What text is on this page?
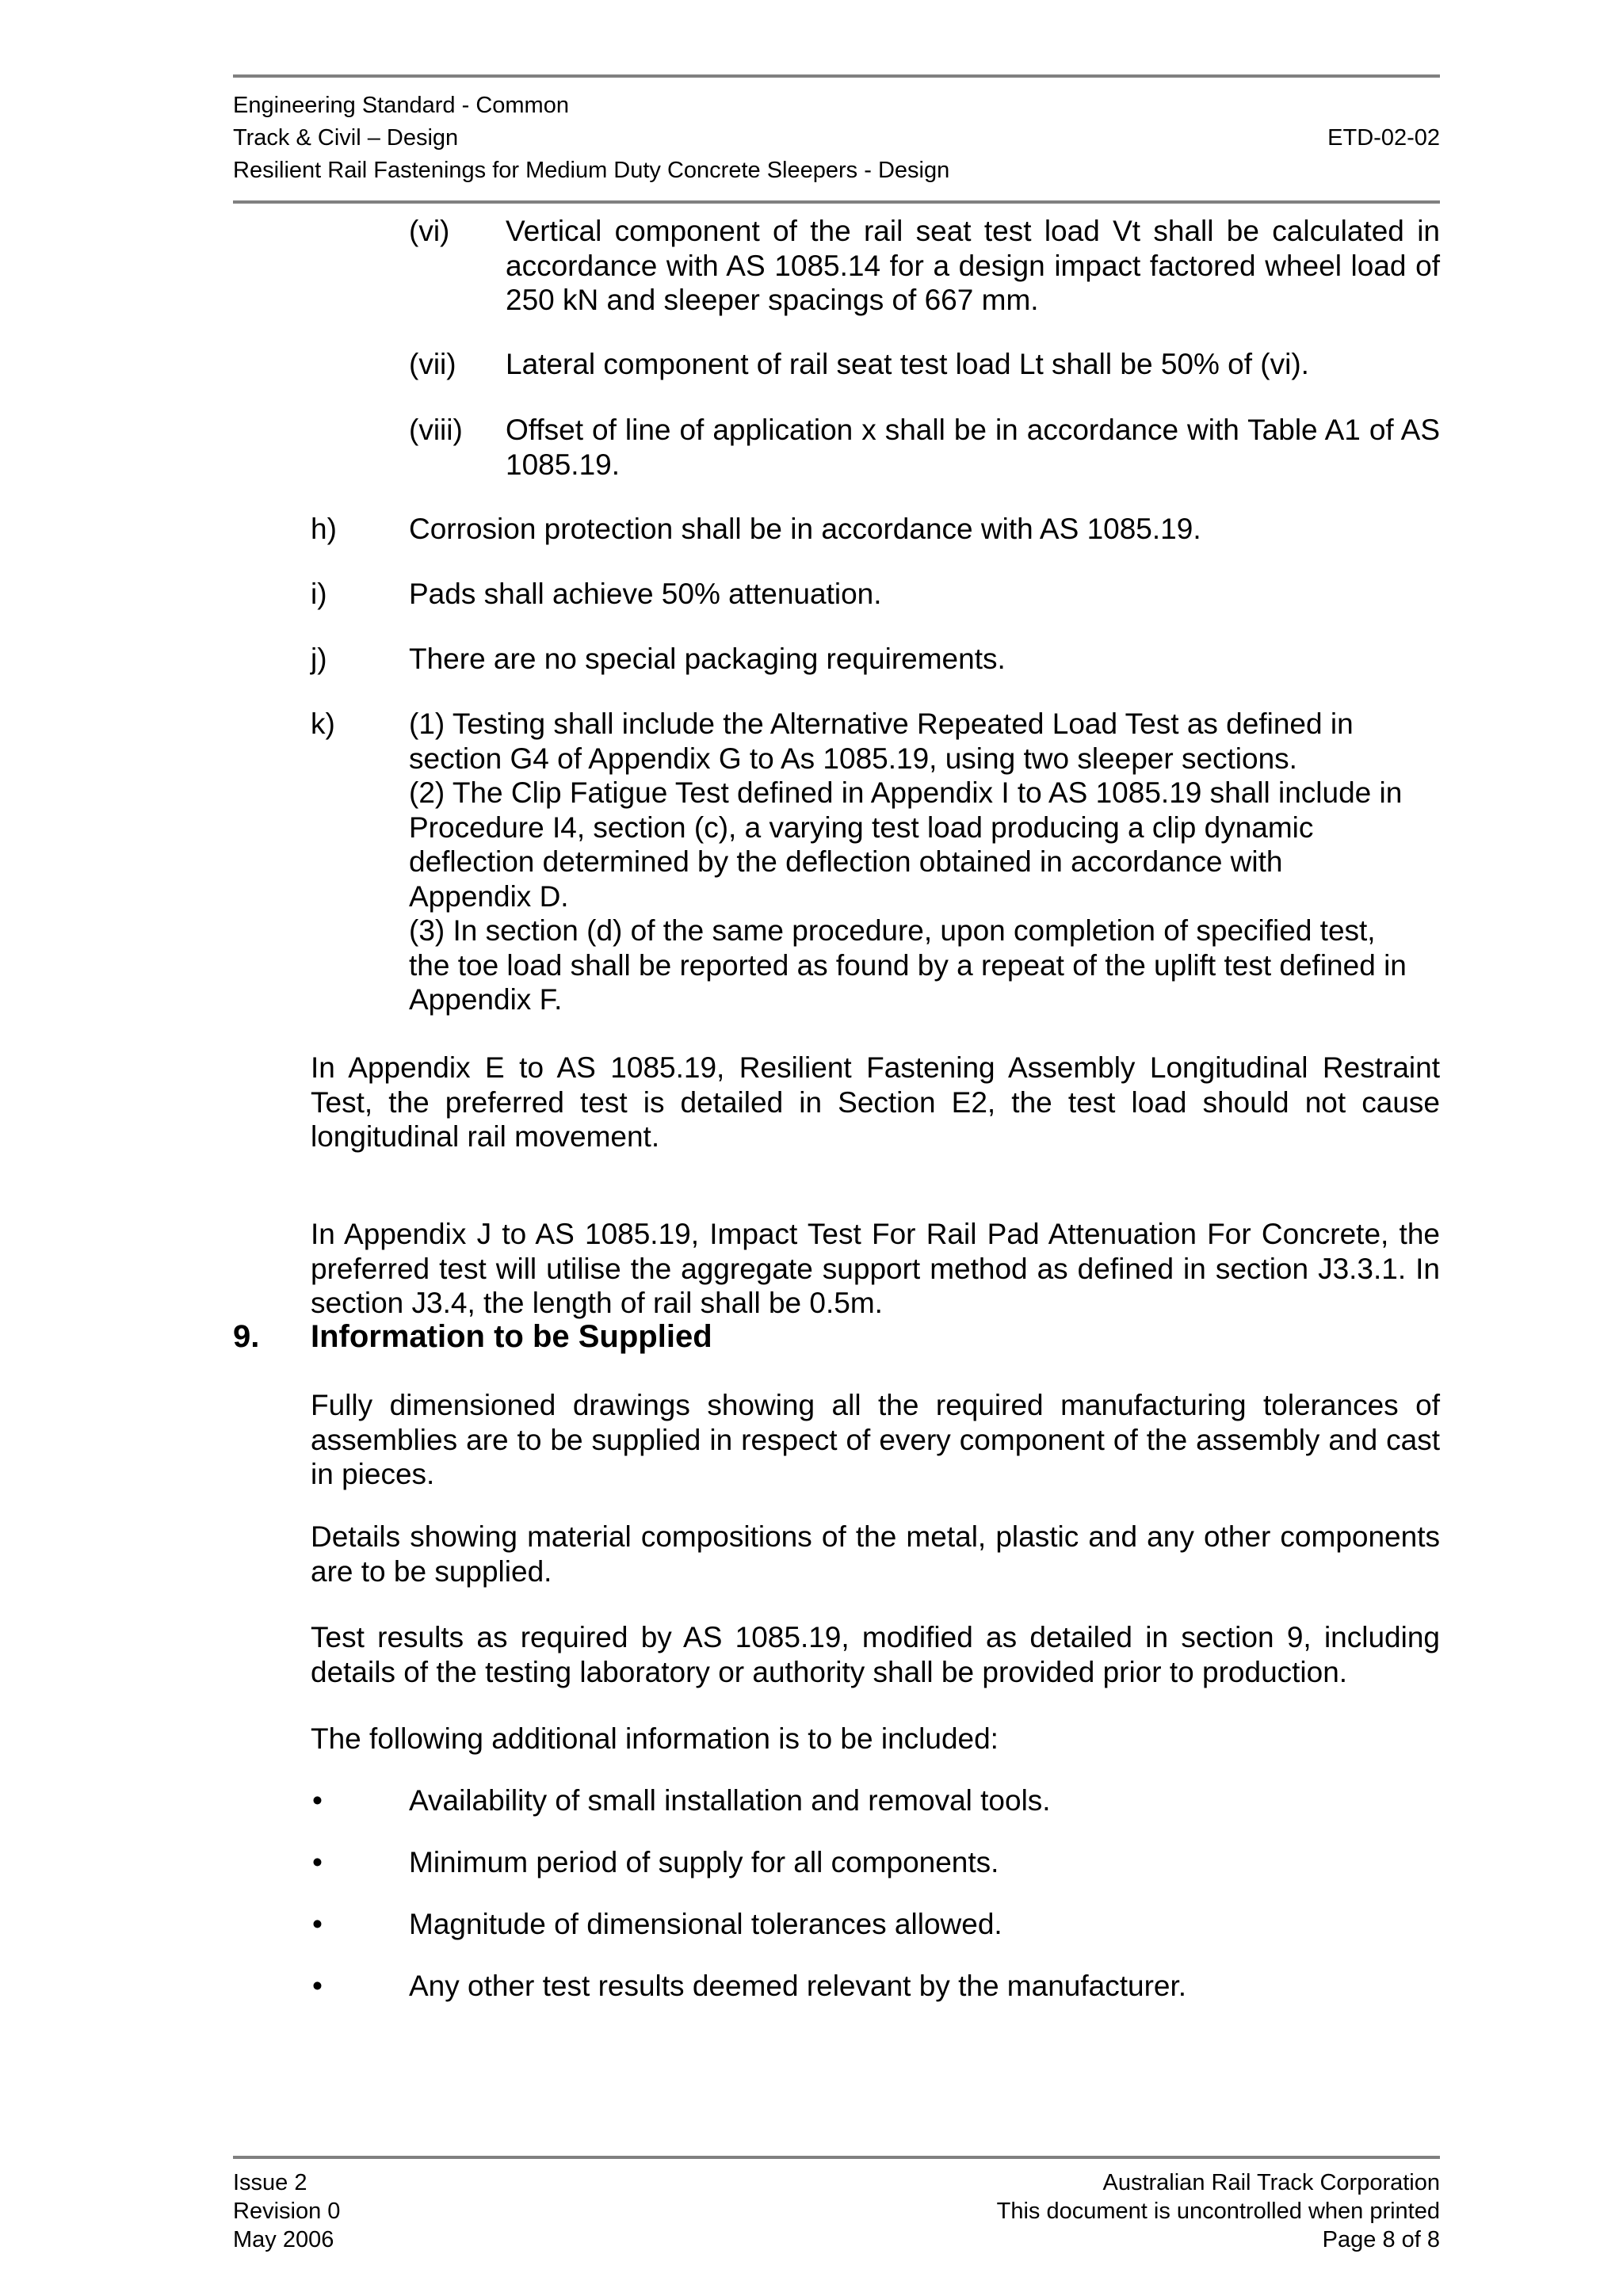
Engineering Standard - Common
Track & Civil – Design	ETD-02-02
Resilient Rail Fastenings for Medium Duty Concrete Sleepers - Design
(vi) Vertical component of the rail seat test load Vt shall be calculated in accordance with AS 1085.14 for a design impact factored wheel load of 250 kN and sleeper spacings of 667 mm.
(vii) Lateral component of rail seat test load Lt shall be 50% of (vi).
(viii) Offset of line of application x shall be in accordance with Table A1 of AS 1085.19.
h) Corrosion protection shall be in accordance with AS 1085.19.
i)	Pads shall achieve 50% attenuation.
j)	There are no special packaging requirements.
k)	(1) Testing shall include the Alternative Repeated Load Test as defined in
section G4 of Appendix G to As 1085.19, using two sleeper sections.
(2) The Clip Fatigue Test defined in Appendix I to AS 1085.19 shall include in
Procedure I4, section (c), a varying test load producing a clip dynamic
deflection determined by the deflection obtained in accordance with
Appendix D.
(3) In section (d) of the same procedure, upon completion of specified test,
the toe load shall be reported as found by a repeat of the uplift test defined in
Appendix F.
In Appendix E to AS 1085.19, Resilient Fastening Assembly Longitudinal Restraint Test, the preferred test is detailed in Section E2, the test load should not cause longitudinal rail movement.
In Appendix J to AS 1085.19, Impact Test For Rail Pad Attenuation For Concrete, the preferred test will utilise the aggregate support method as defined in section J3.3.1. In section J3.4, the length of rail shall be 0.5m.
9. Information to be Supplied
Fully dimensioned drawings showing all the required manufacturing tolerances of assemblies are to be supplied in respect of every component of the assembly and cast in pieces.
Details showing material compositions of the metal, plastic and any other components are to be supplied.
Test results as required by AS 1085.19, modified as detailed in section 9, including details of the testing laboratory or authority shall be provided prior to production.
The following additional information is to be included:
•	Availability of small installation and removal tools.
•	Minimum period of supply for all components.
•	Magnitude of dimensional tolerances allowed.
•	Any other test results deemed relevant by the manufacturer.
Issue 2
Revision 0
May 2006
Australian Rail Track Corporation
This document is uncontrolled when printed
Page 8 of 8
